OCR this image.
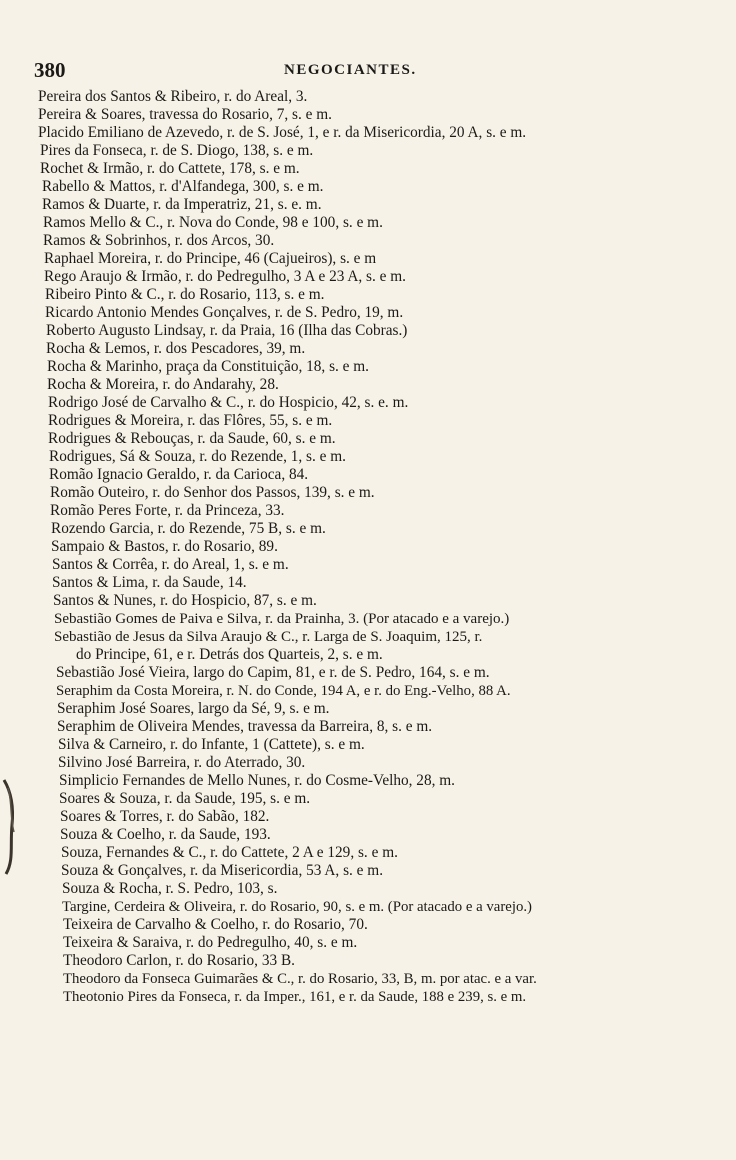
380	NEGOCIANTES.
Pereira dos Santos & Ribeiro, r. do Areal, 3.
Pereira & Soares, travessa do Rosario, 7, s. e m.
Placido Emiliano de Azevedo, r. de S. José, 1, e r. da Misericordia, 20 A, s. e m.
Pires da Fonseca, r. de S. Diogo, 138, s. e m.
Rochet & Irmão, r. do Cattete, 178, s. e m.
Rabello & Mattos, r. d'Alfandega, 300, s. e m.
Ramos & Duarte, r. da Imperatriz, 21, s. e. m.
Ramos Mello & C., r. Nova do Conde, 98 e 100, s. e m.
Ramos & Sobrinhos, r. dos Arcos, 30.
Raphael Moreira, r. do Principe, 46 (Cajueiros), s. e m
Rego Araujo & Irmão, r. do Pedregulho, 3 A e 23 A, s. e m.
Ribeiro Pinto & C., r. do Rosario, 113, s. e m.
Ricardo Antonio Mendes Gonçalves, r. de S. Pedro, 19, m.
Roberto Augusto Lindsay, r. da Praia, 16 (Ilha das Cobras.)
Rocha & Lemos, r. dos Pescadores, 39, m.
Rocha & Marinho, praça da Constituição, 18, s. e m.
Rocha & Moreira, r. do Andarahy, 28.
Rodrigo José de Carvalho & C., r. do Hospicio, 42, s. e. m.
Rodrigues & Moreira, r. das Flôres, 55, s. e m.
Rodrigues & Rebouças, r. da Saude, 60, s. e m.
Rodrigues, Sá & Souza, r. do Rezende, 1, s. e m.
Romão Ignacio Geraldo, r. da Carioca, 84.
Romão Outeiro, r. do Senhor dos Passos, 139, s. e m.
Romão Peres Forte, r. da Princeza, 33.
Rozendo Garcia, r. do Rezende, 75 B, s. e m.
Sampaio & Bastos, r. do Rosario, 89.
Santos & Corrêa, r. do Areal, 1, s. e m.
Santos & Lima, r. da Saude, 14.
Santos & Nunes, r. do Hospicio, 87, s. e m.
Sebastião Gomes de Paiva e Silva, r. da Prainha, 3. (Por atacado e a varejo.)
Sebastião de Jesus da Silva Araujo & C., r. Larga de S. Joaquim, 125, r.
do Principe, 61, e r. Detrás dos Quarteis, 2, s. e m.
Sebastião José Vieira, largo do Capim, 81, e r. de S. Pedro, 164, s. e m.
Seraphim da Costa Moreira, r. N. do Conde, 194 A, e r. do Eng.-Velho, 88 A.
Seraphim José Soares, largo da Sé, 9, s. e m.
Seraphim de Oliveira Mendes, travessa da Barreira, 8, s. e m.
Silva & Carneiro, r. do Infante, 1 (Cattete), s. e m.
Silvino José Barreira, r. do Aterrado, 30.
Simplicio Fernandes de Mello Nunes, r. do Cosme-Velho, 28, m.
Soares & Souza, r. da Saude, 195, s. e m.
Soares & Torres, r. do Sabão, 182.
Souza & Coelho, r. da Saude, 193.
Souza, Fernandes & C., r. do Cattete, 2 A e 129, s. e m.
Souza & Gonçalves, r. da Misericordia, 53 A, s. e m.
Souza & Rocha, r. S. Pedro, 103, s.
Targine, Cerdeira & Oliveira, r. do Rosario, 90, s. e m. (Por atacado e a varejo.)
Teixeira de Carvalho & Coelho, r. do Rosario, 70.
Teixeira & Saraiva, r. do Pedregulho, 40, s. e m.
Theodoro Carlon, r. do Rosario, 33 B.
Theodoro da Fonseca Guimarães & C., r. do Rosario, 33, B, m. por atac. e a var.
Theotonio Pires da Fonseca, r. da Imper., 161, e r. da Saude, 188 e 239, s. e m.
